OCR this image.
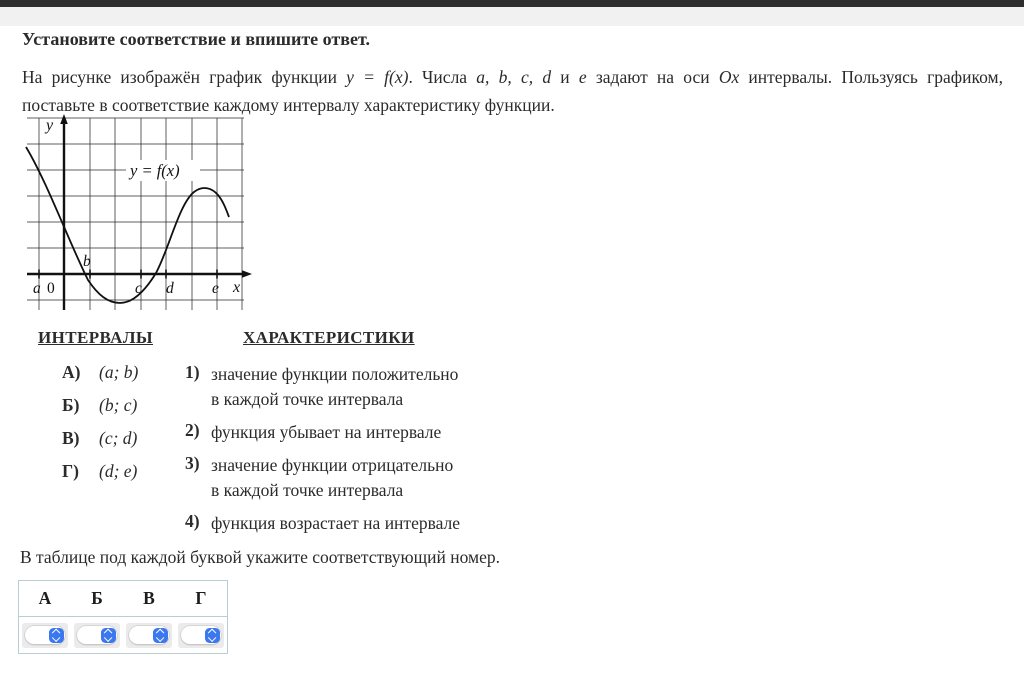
Установите соответствие и впишите ответ.
На рисунке изображён график функции y = f(x). Числа a, b, c, d и e задают на оси Ox интервалы. Пользуясь графиком,
поставьте в соответствие каждому интервалу характеристику функции.
y = f(x)
y
x
0
a
b
c d e
ИНТЕРВАЛЫ	ХАРАКТЕРИСТИКИ
А)	(a; b)
Б)	(b; c)
В)	(c; d)
Г)	(d; e)
1) значение функции положительно
в каждой точке интервала
2) функция убывает на интервале
3) значение функции отрицательно
в каждой точке интервала
4) функция возрастает на интервале
В таблице под каждой буквой укажите соответствующий номер.
А	Б	В	Г
